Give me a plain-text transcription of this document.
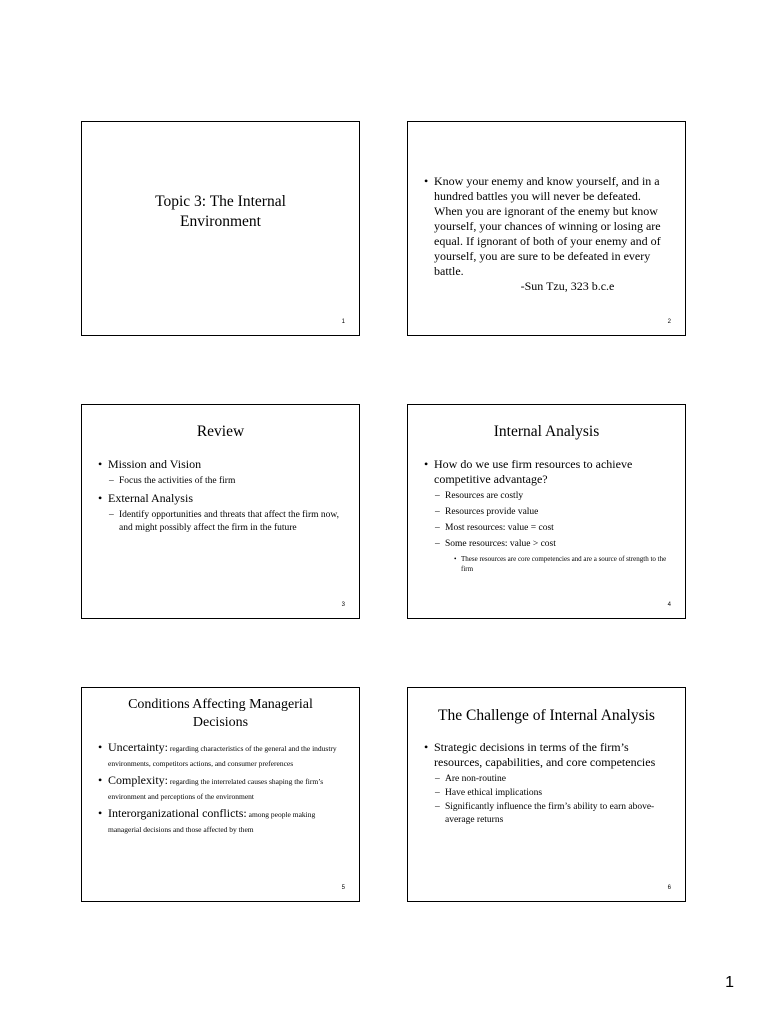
Topic 3: The Internal Environment
1
• Know your enemy and know yourself, and in a hundred battles you will never be defeated. When you are ignorant of the enemy but know yourself, your chances of winning or losing are equal. If ignorant of both of your enemy and of yourself, you are sure to be defeated in every battle.
-Sun Tzu, 323 b.c.e
2
Review
• Mission and Vision
– Focus the activities of the firm
• External Analysis
– Identify opportunities and threats that affect the firm now, and might possibly affect the firm in the future
3
Internal Analysis
• How do we use firm resources to achieve competitive advantage?
– Resources are costly
– Resources provide value
– Most resources: value = cost
– Some resources: value > cost
• These resources are core competencies and are a source of strength to the firm
4
Conditions Affecting Managerial Decisions
• Uncertainty: regarding characteristics of the general and the industry environments, competitors actions, and consumer preferences
• Complexity: regarding the interrelated causes shaping the firm’s environment and perceptions of the environment
• Interorganizational conflicts: among people making managerial decisions and those affected by them
5
The Challenge of Internal Analysis
• Strategic decisions in terms of the firm’s resources, capabilities, and core competencies
– Are non-routine
– Have ethical implications
– Significantly influence the firm’s ability to earn above-average returns
6
1
